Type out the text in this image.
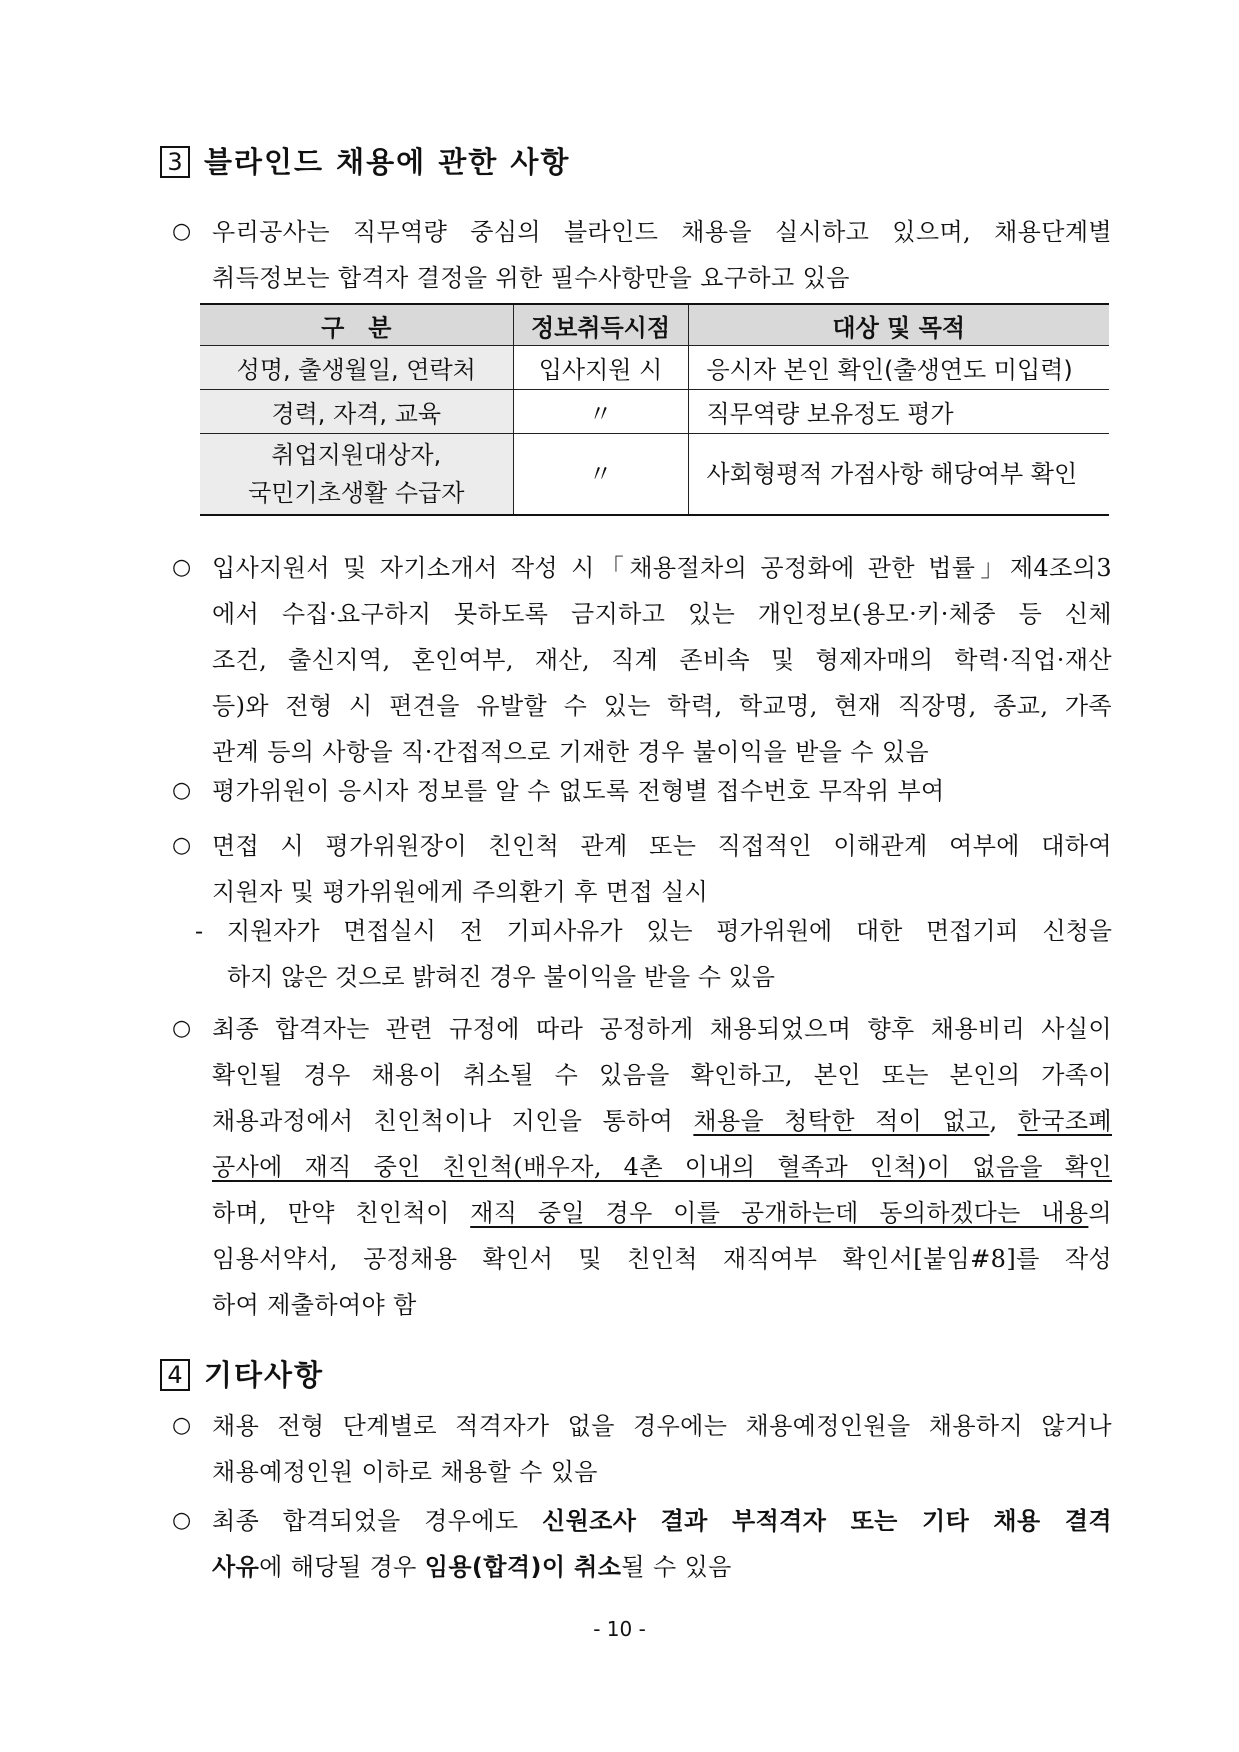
3 블라인드 채용에 관한 사항
○ 우리공사는 직무역량 중심의 블라인드 채용을 실시하고 있으며, 채용단계별
취득정보는 합격자 결정을 위한 필수사항만을 요구하고 있음
구　분	정보취득시점	대상 및 목적
성명, 출생월일, 연락처	입사지원 시	응시자 본인 확인(출생연도 미입력)
경력, 자격, 교육	〃	직무역량 보유정도 평가

취업지원대상자,
국민기초생활 수급자	〃	사회형평적 가점사항 해당여부 확인
○ 입사지원서 및 자기소개서 작성 시「채용절차의 공정화에 관한 법률」제4조의3
에서 수집·요구하지 못하도록 금지하고 있는 개인정보(용모·키·체중 등 신체
조건, 출신지역, 혼인여부, 재산, 직계 존비속 및 형제자매의 학력·직업·재산
등)와 전형 시 편견을 유발할 수 있는 학력, 학교명, 현재 직장명, 종교, 가족
관계 등의 사항을 직·간접적으로 기재한 경우 불이익을 받을 수 있음
○ 평가위원이 응시자 정보를 알 수 없도록 전형별 접수번호 무작위 부여
○ 면접 시 평가위원장이 친인척 관계 또는 직접적인 이해관계 여부에 대하여
지원자 및 평가위원에게 주의환기 후 면접 실시
- 지원자가 면접실시 전 기피사유가 있는 평가위원에 대한 면접기피 신청을
하지 않은 것으로 밝혀진 경우 불이익을 받을 수 있음
○ 최종 합격자는 관련 규정에 따라 공정하게 채용되었으며 향후 채용비리 사실이
확인될 경우 채용이 취소될 수 있음을 확인하고, 본인 또는 본인의 가족이
채용과정에서 친인척이나 지인을 통하여 채용을 청탁한 적이 없고, 한국조폐
공사에 재직 중인 친인척(배우자, 4촌 이내의 혈족과 인척)이 없음을 확인
하며, 만약 친인척이 재직 중일 경우 이를 공개하는데 동의하겠다는 내용의
임용서약서, 공정채용 확인서 및 친인척 재직여부 확인서[붙임#8]를 작성
하여 제출하여야 함
4 기타사항
○ 채용 전형 단계별로 적격자가 없을 경우에는 채용예정인원을 채용하지 않거나
채용예정인원 이하로 채용할 수 있음
○ 최종 합격되었을 경우에도 신원조사 결과 부적격자 또는 기타 채용 결격
사유에 해당될 경우 임용(합격)이 취소될 수 있음
- 10 -
